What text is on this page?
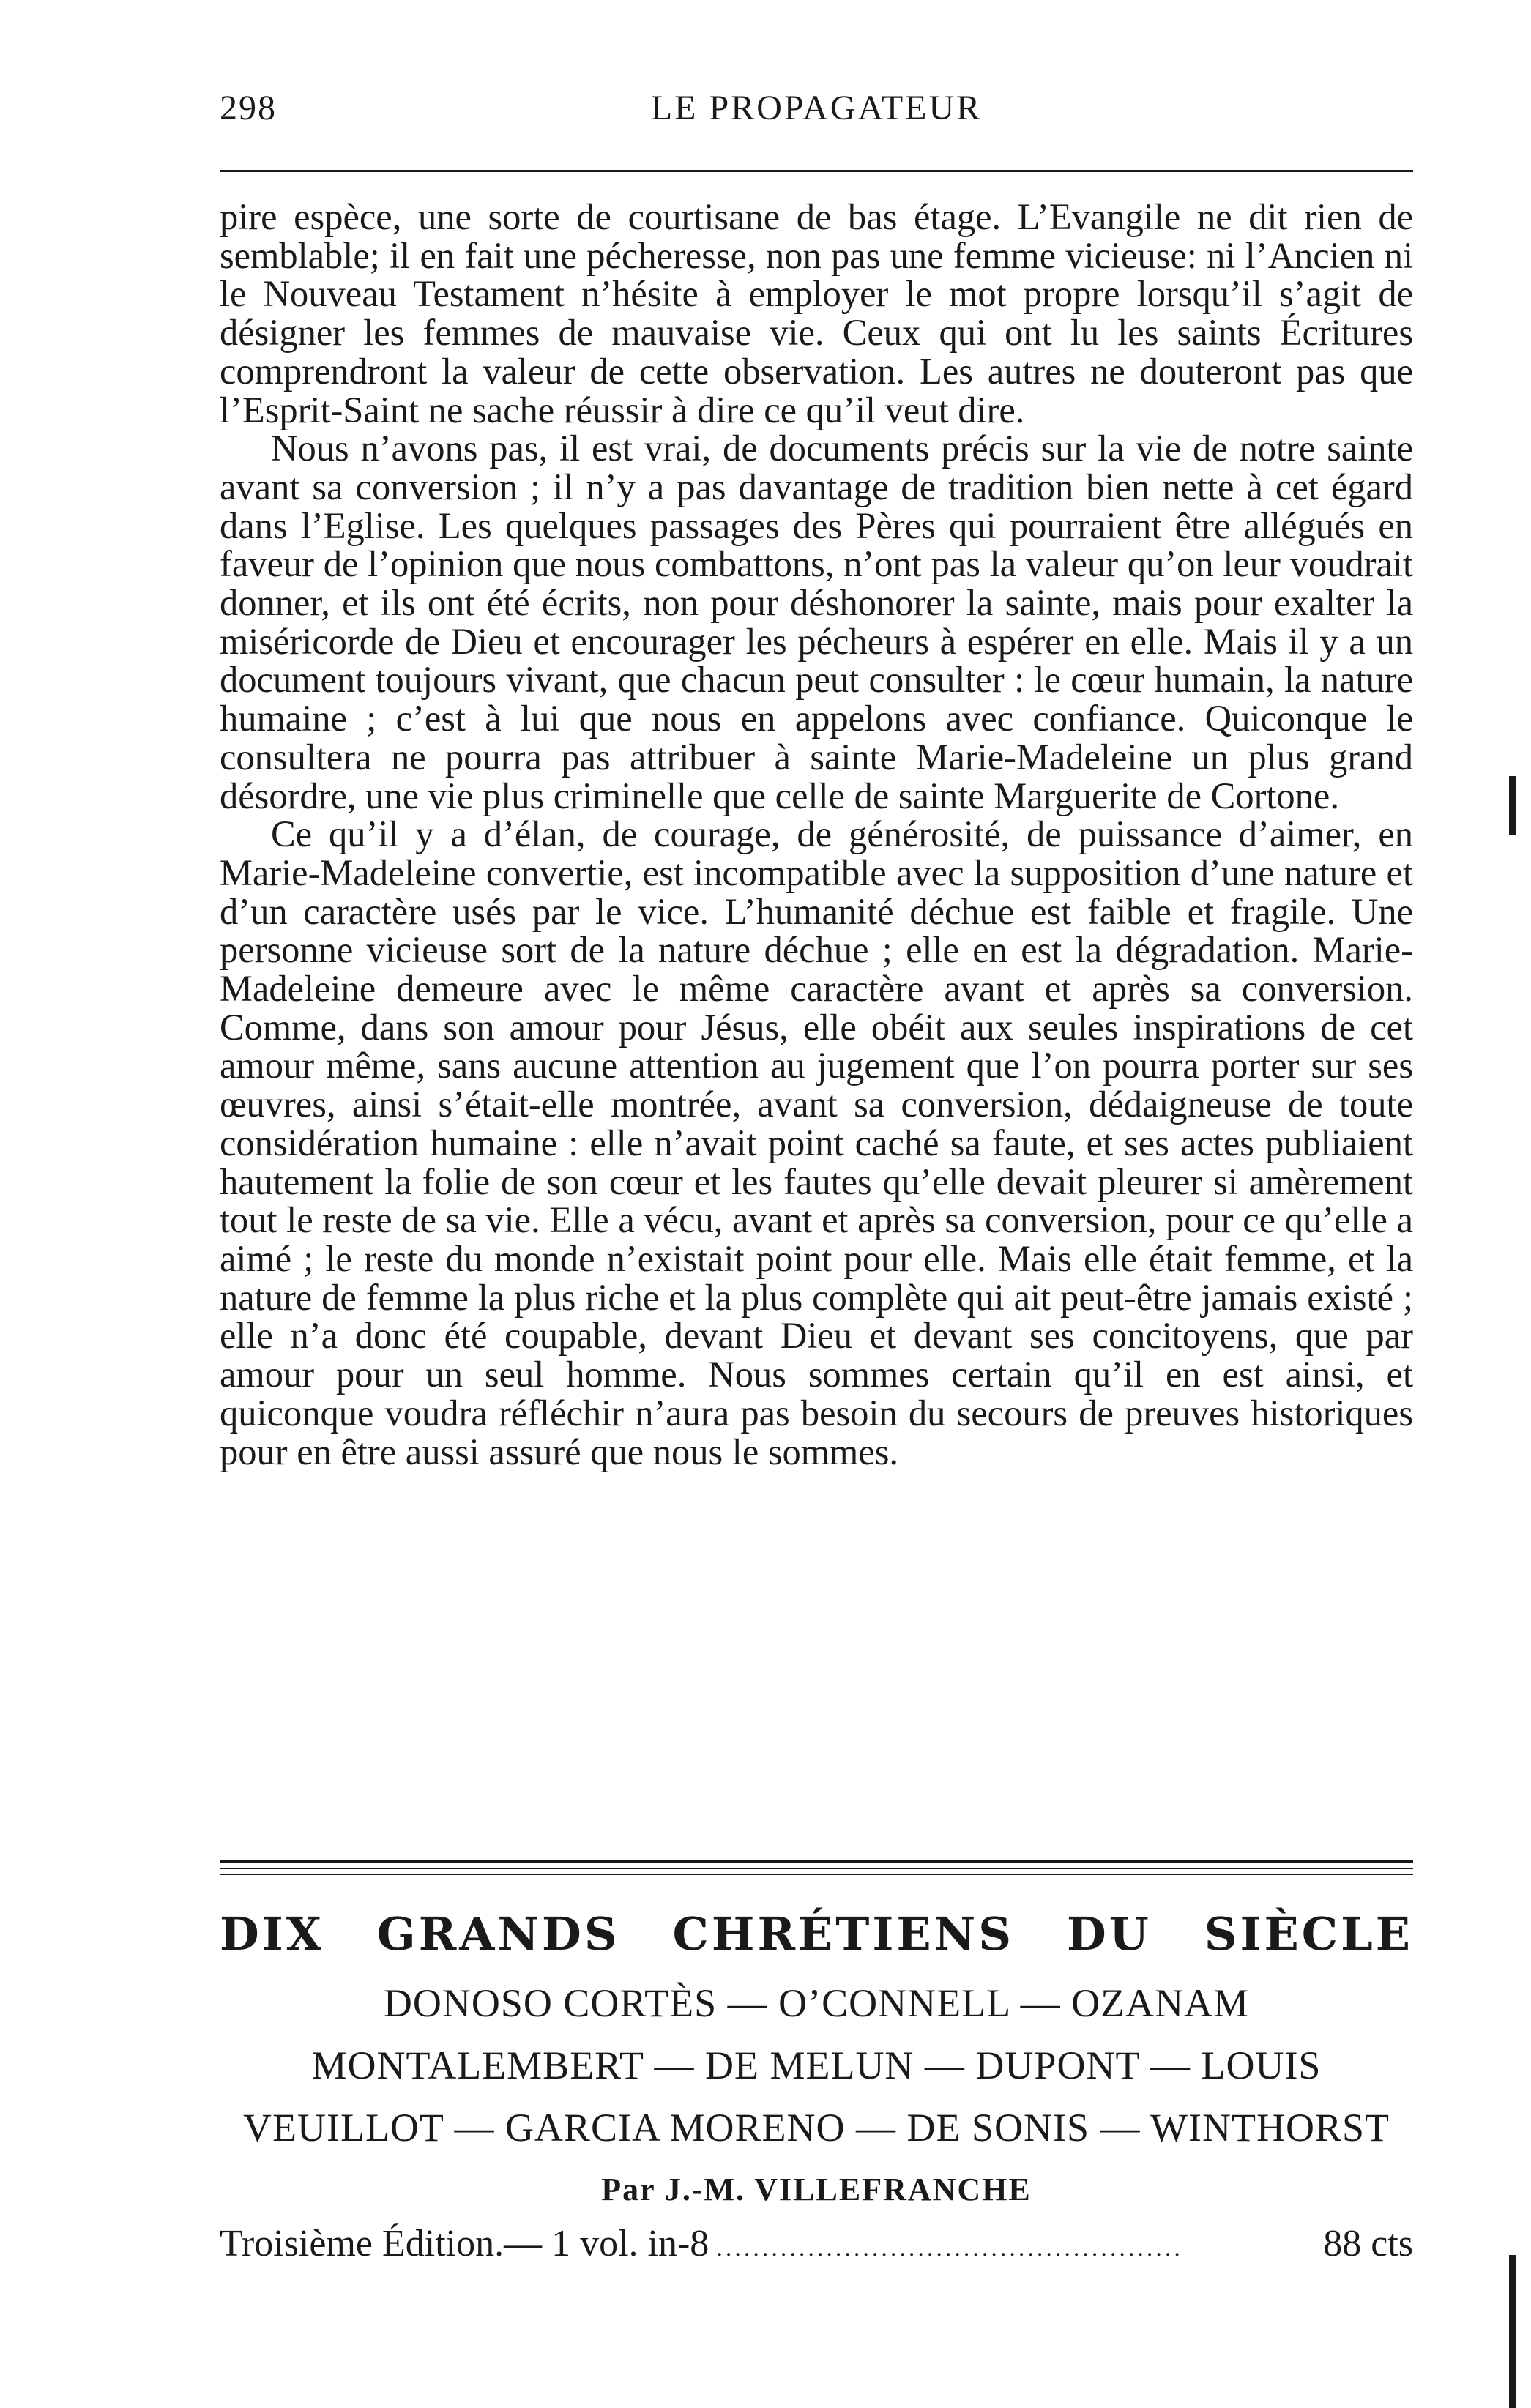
298	LE PROPAGATEUR

pire espèce, une sorte de courtisane de bas étage. L’Evangile ne dit rien de semblable; il en fait une pécheresse, non pas une femme vicieuse: ni l’Ancien ni le Nouveau Testament n’hésite à employer le mot propre lorsqu’il s’agit de désigner les femmes de mauvaise vie. Ceux qui ont lu les saints Écritures comprendront la valeur de cette observation. Les autres ne douteront pas que l’Esprit-Saint ne sache réussir à dire ce qu’il veut dire.

Nous n’avons pas, il est vrai, de documents précis sur la vie de notre sainte avant sa conversion ; il n’y a pas davantage de tradition bien nette à cet égard dans l’Eglise. Les quelques passages des Pères qui pourraient être allégués en faveur de l’opinion que nous combattons, n’ont pas la valeur qu’on leur voudrait donner, et ils ont été écrits, non pour déshonorer la sainte, mais pour exalter la miséricorde de Dieu et encourager les pécheurs à espérer en elle. Mais il y a un document toujours vivant, que chacun peut consulter : le cœur humain, la nature humaine ; c’est à lui que nous en appelons avec confiance. Quiconque le consultera ne pourra pas attribuer à sainte Marie-Madeleine un plus grand désordre, une vie plus criminelle que celle de sainte Marguerite de Cortone.

Ce qu’il y a d’élan, de courage, de générosité, de puissance d’aimer, en Marie-Madeleine convertie, est incompatible avec la supposition d’une nature et d’un caractère usés par le vice. L’humanité déchue est faible et fragile. Une personne vicieuse sort de la nature déchue ; elle en est la dégradation. Marie-Madeleine demeure avec le même caractère avant et après sa conversion. Comme, dans son amour pour Jésus, elle obéit aux seules inspirations de cet amour même, sans aucune attention au jugement que l’on pourra porter sur ses œuvres, ainsi s’était-elle montrée, avant sa conversion, dédaigneuse de toute considération humaine : elle n’avait point caché sa faute, et ses actes publiaient hautement la folie de son cœur et les fautes qu’elle devait pleurer si amèrement tout le reste de sa vie. Elle a vécu, avant et après sa conversion, pour ce qu’elle a aimé ; le reste du monde n’existait point pour elle. Mais elle était femme, et la nature de femme la plus riche et la plus complète qui ait peut-être jamais existé ; elle n’a donc été coupable, devant Dieu et devant ses concitoyens, que par amour pour un seul homme. Nous sommes certain qu’il en est ainsi, et quiconque voudra réfléchir n’aura pas besoin du secours de preuves historiques pour en être aussi assuré que nous le sommes.

DIX GRANDS CHRÉTIENS DU SIÈCLE
DONOSO CORTÈS — O’CONNELL — OZANAM
MONTALEMBERT — DE MELUN — DUPONT — LOUIS
VEUILLOT — GARCIA MORENO — DE SONIS — WINTHORST
Par J.-M. VILLEFRANCHE
Troisième Édition.— 1 vol. in-8 ...................................................	88 cts
